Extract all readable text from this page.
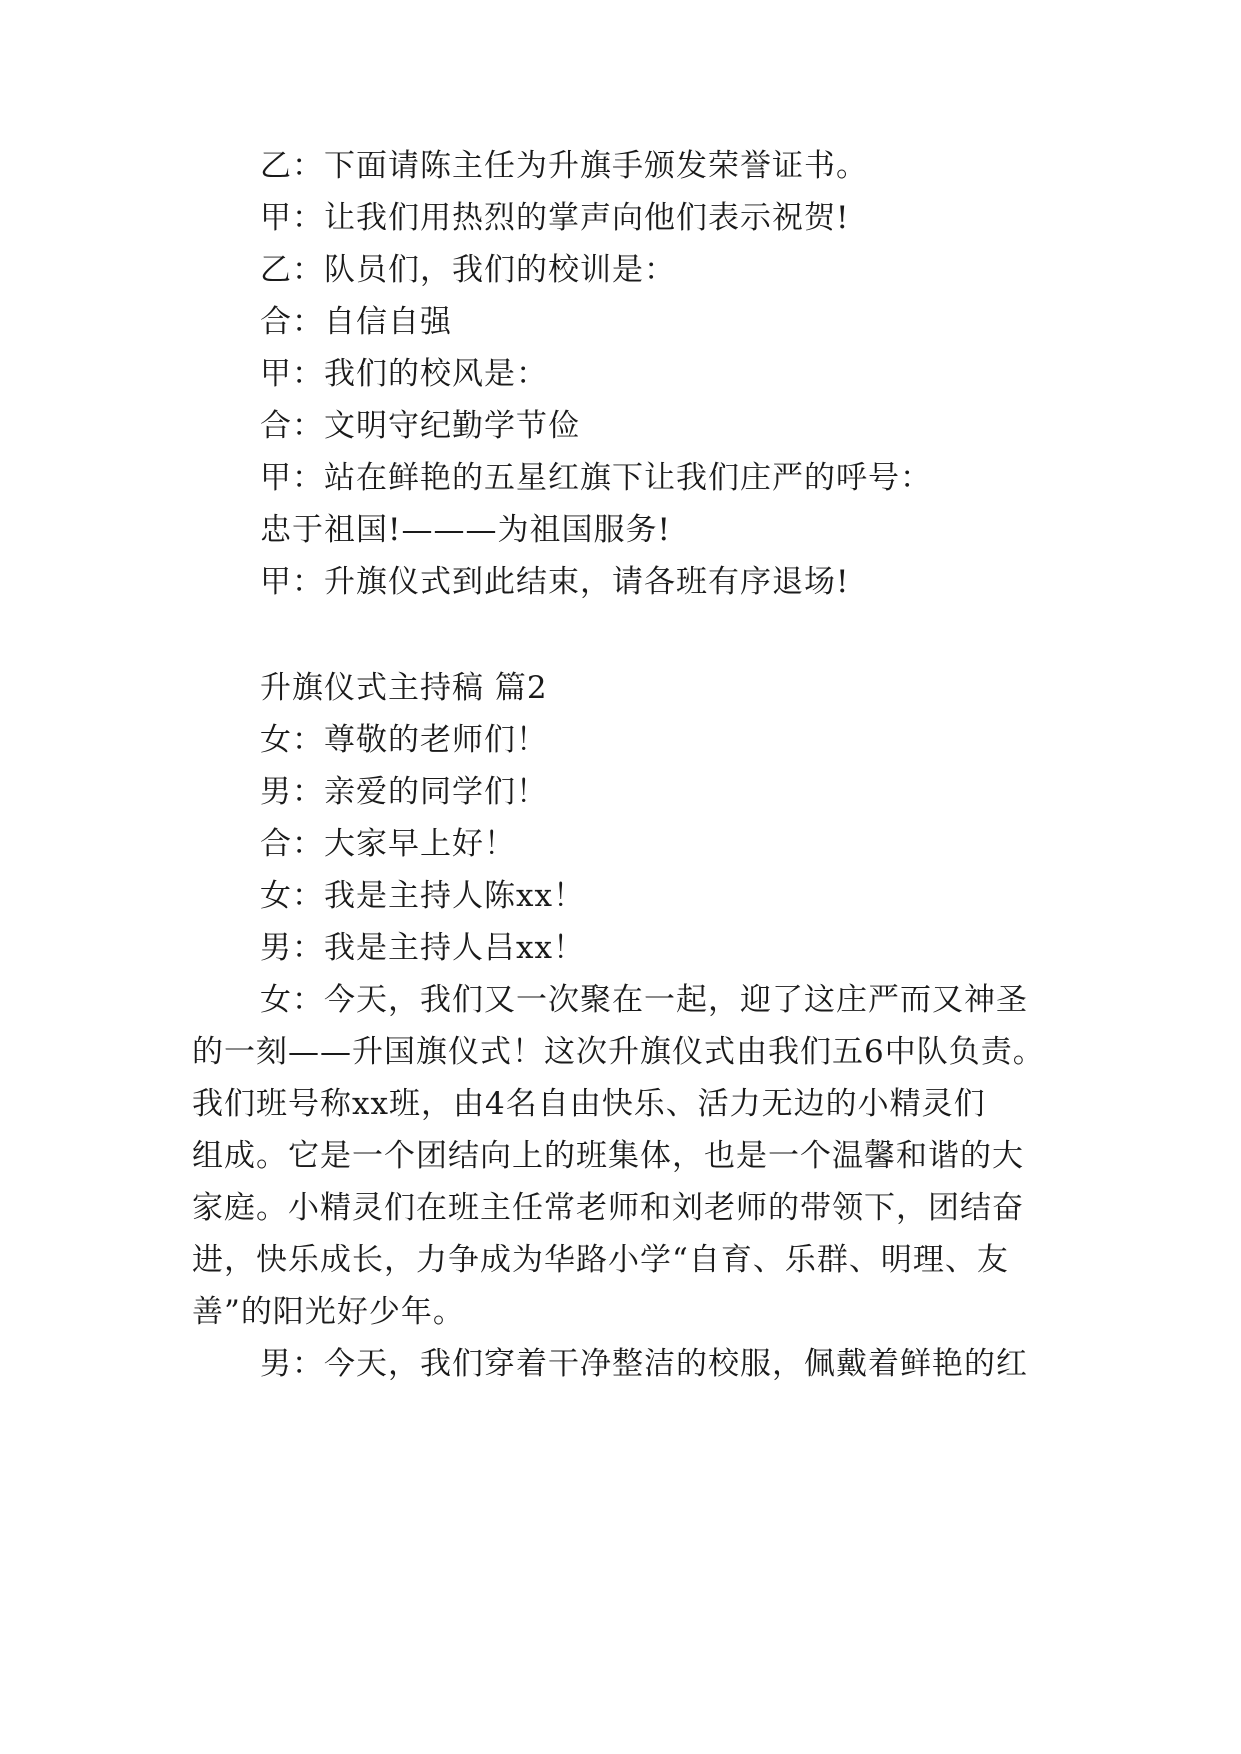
乙：下面请陈主任为升旗手颁发荣誉证书。
甲：让我们用热烈的掌声向他们表示祝贺!
乙：队员们，我们的校训是：
合：自信自强
甲：我们的校风是：
合：文明守纪勤学节俭
甲：站在鲜艳的五星红旗下让我们庄严的呼号：
忠于祖国!———为祖国服务!
甲：升旗仪式到此结束，请各班有序退场!
升旗仪式主持稿 篇2
女：尊敬的老师们！
男：亲爱的同学们！
合：大家早上好！
女：我是主持人陈xx！
男：我是主持人吕xx！
女：今天，我们又一次聚在一起，迎了这庄严而又神圣
的一刻——升国旗仪式！这次升旗仪式由我们五6中队负责。
我们班号称xx班，由4名自由快乐、活力无边的小精灵们
组成。它是一个团结向上的班集体，也是一个温馨和谐的大
家庭。小精灵们在班主任常老师和刘老师的带领下，团结奋
进，快乐成长，力争成为华路小学“自育、乐群、明理、友
善”的阳光好少年。
男：今天，我们穿着干净整洁的校服，佩戴着鲜艳的红
